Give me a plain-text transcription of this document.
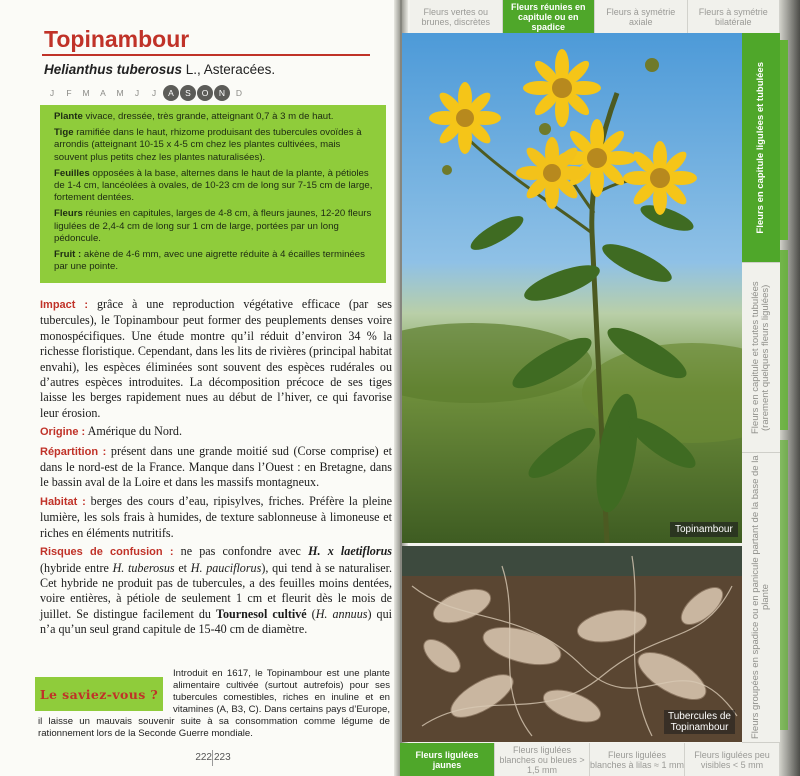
Topinambour
Helianthus tuberosus L., Asteracées.
J	F	M	A	M	J	J	A	S	O	N	D

Plante vivace, dressée, très grande, atteignant 0,7 à 3 m de haut.

Tige ramifiée dans le haut, rhizome produisant des tubercules ovoïdes à arrondis (atteignant 10-15 x 4-5 cm chez les plantes cultivées, mais souvent plus petits chez les plantes naturalisées).

Feuilles opposées à la base, alternes dans le haut de la plante, à pétioles de 1-4 cm, lancéolées à ovales, de 10-23 cm de long sur 7-15 cm de large, fortement dentées.

Fleurs réunies en capitules, larges de 4-8 cm, à fleurs jaunes, 12-20 fleurs ligulées de 2,4-4 cm de long sur 1 cm de large, portées par un long pédoncule.

Fruit : akène de 4-6 mm, avec une aigrette réduite à 4 écailles terminées par une pointe.

Impact : grâce à une reproduction végétative efficace (par ses tubercules), le Topinambour peut former des peuplements denses voire monospécifiques. Une étude montre qu’il réduit d’environ 34 % la richesse floristique. Cependant, dans les lits de rivières (principal habitat envahi), les espèces éliminées sont souvent des espèces rudérales ou d’autres espèces introduites. La décomposition précoce de ses tiges laisse les berges rapidement nues au début de l’hiver, ce qui favorise leur érosion.

Origine : Amérique du Nord.

Répartition : présent dans une grande moitié sud (Corse comprise) et dans le nord-est de la France. Manque dans l’Ouest : en Bretagne, dans le bassin aval de la Loire et dans les massifs montagneux.

Habitat : berges des cours d’eau, ripisylves, friches. Préfère la pleine lumière, les sols frais à humides, de texture sablonneuse à limoneuse et riches en éléments nutritifs.

Risques de confusion : ne pas confondre avec H. x laetiflorus (hybride entre H. tuberosus et H. pauciflorus), qui tend à se naturaliser. Cet hybride ne produit pas de tubercules, a des feuilles moins dentées, voire entières, à pétiole de seulement 1 cm et fleurit dès le mois de juillet. Se distingue facilement du Tournesol cultivé (H. annuus) qui n’a qu’un seul grand capitule de 15-40 cm de diamètre.

Introduit en 1617, le Topinambour est une plante alimentaire cultivée (surtout autrefois) pour ses tubercules comestibles, riches en inuline et en vitamines (A, B3, C). Dans certains pays d’Europe, il laisse un mauvais souvenir suite à sa consommation comme légume de rationnement lors de la Seconde Guerre mondiale.
Le saviez-vous ?
222 223
Fleurs vertes ou brunes, discrètes
Fleurs réunies en capitule ou en spadice
Fleurs à symétrie axiale
Fleurs à symétrie bilatérale
Topinambour
Tubercules de
Topinambour
Fleurs en capitule ligulées et tubulées
Fleurs en capitule et toutes tubulées (rarement quelques fleurs ligulées)
Fleurs groupées en spadice ou en panicule partant de la base de la plante
Fleurs ligulées jaunes
Fleurs ligulées blanches ou bleues > 1,5 mm
Fleurs ligulées blanches à lilas ≈ 1 mm
Fleurs ligulées peu visibles < 5 mm
